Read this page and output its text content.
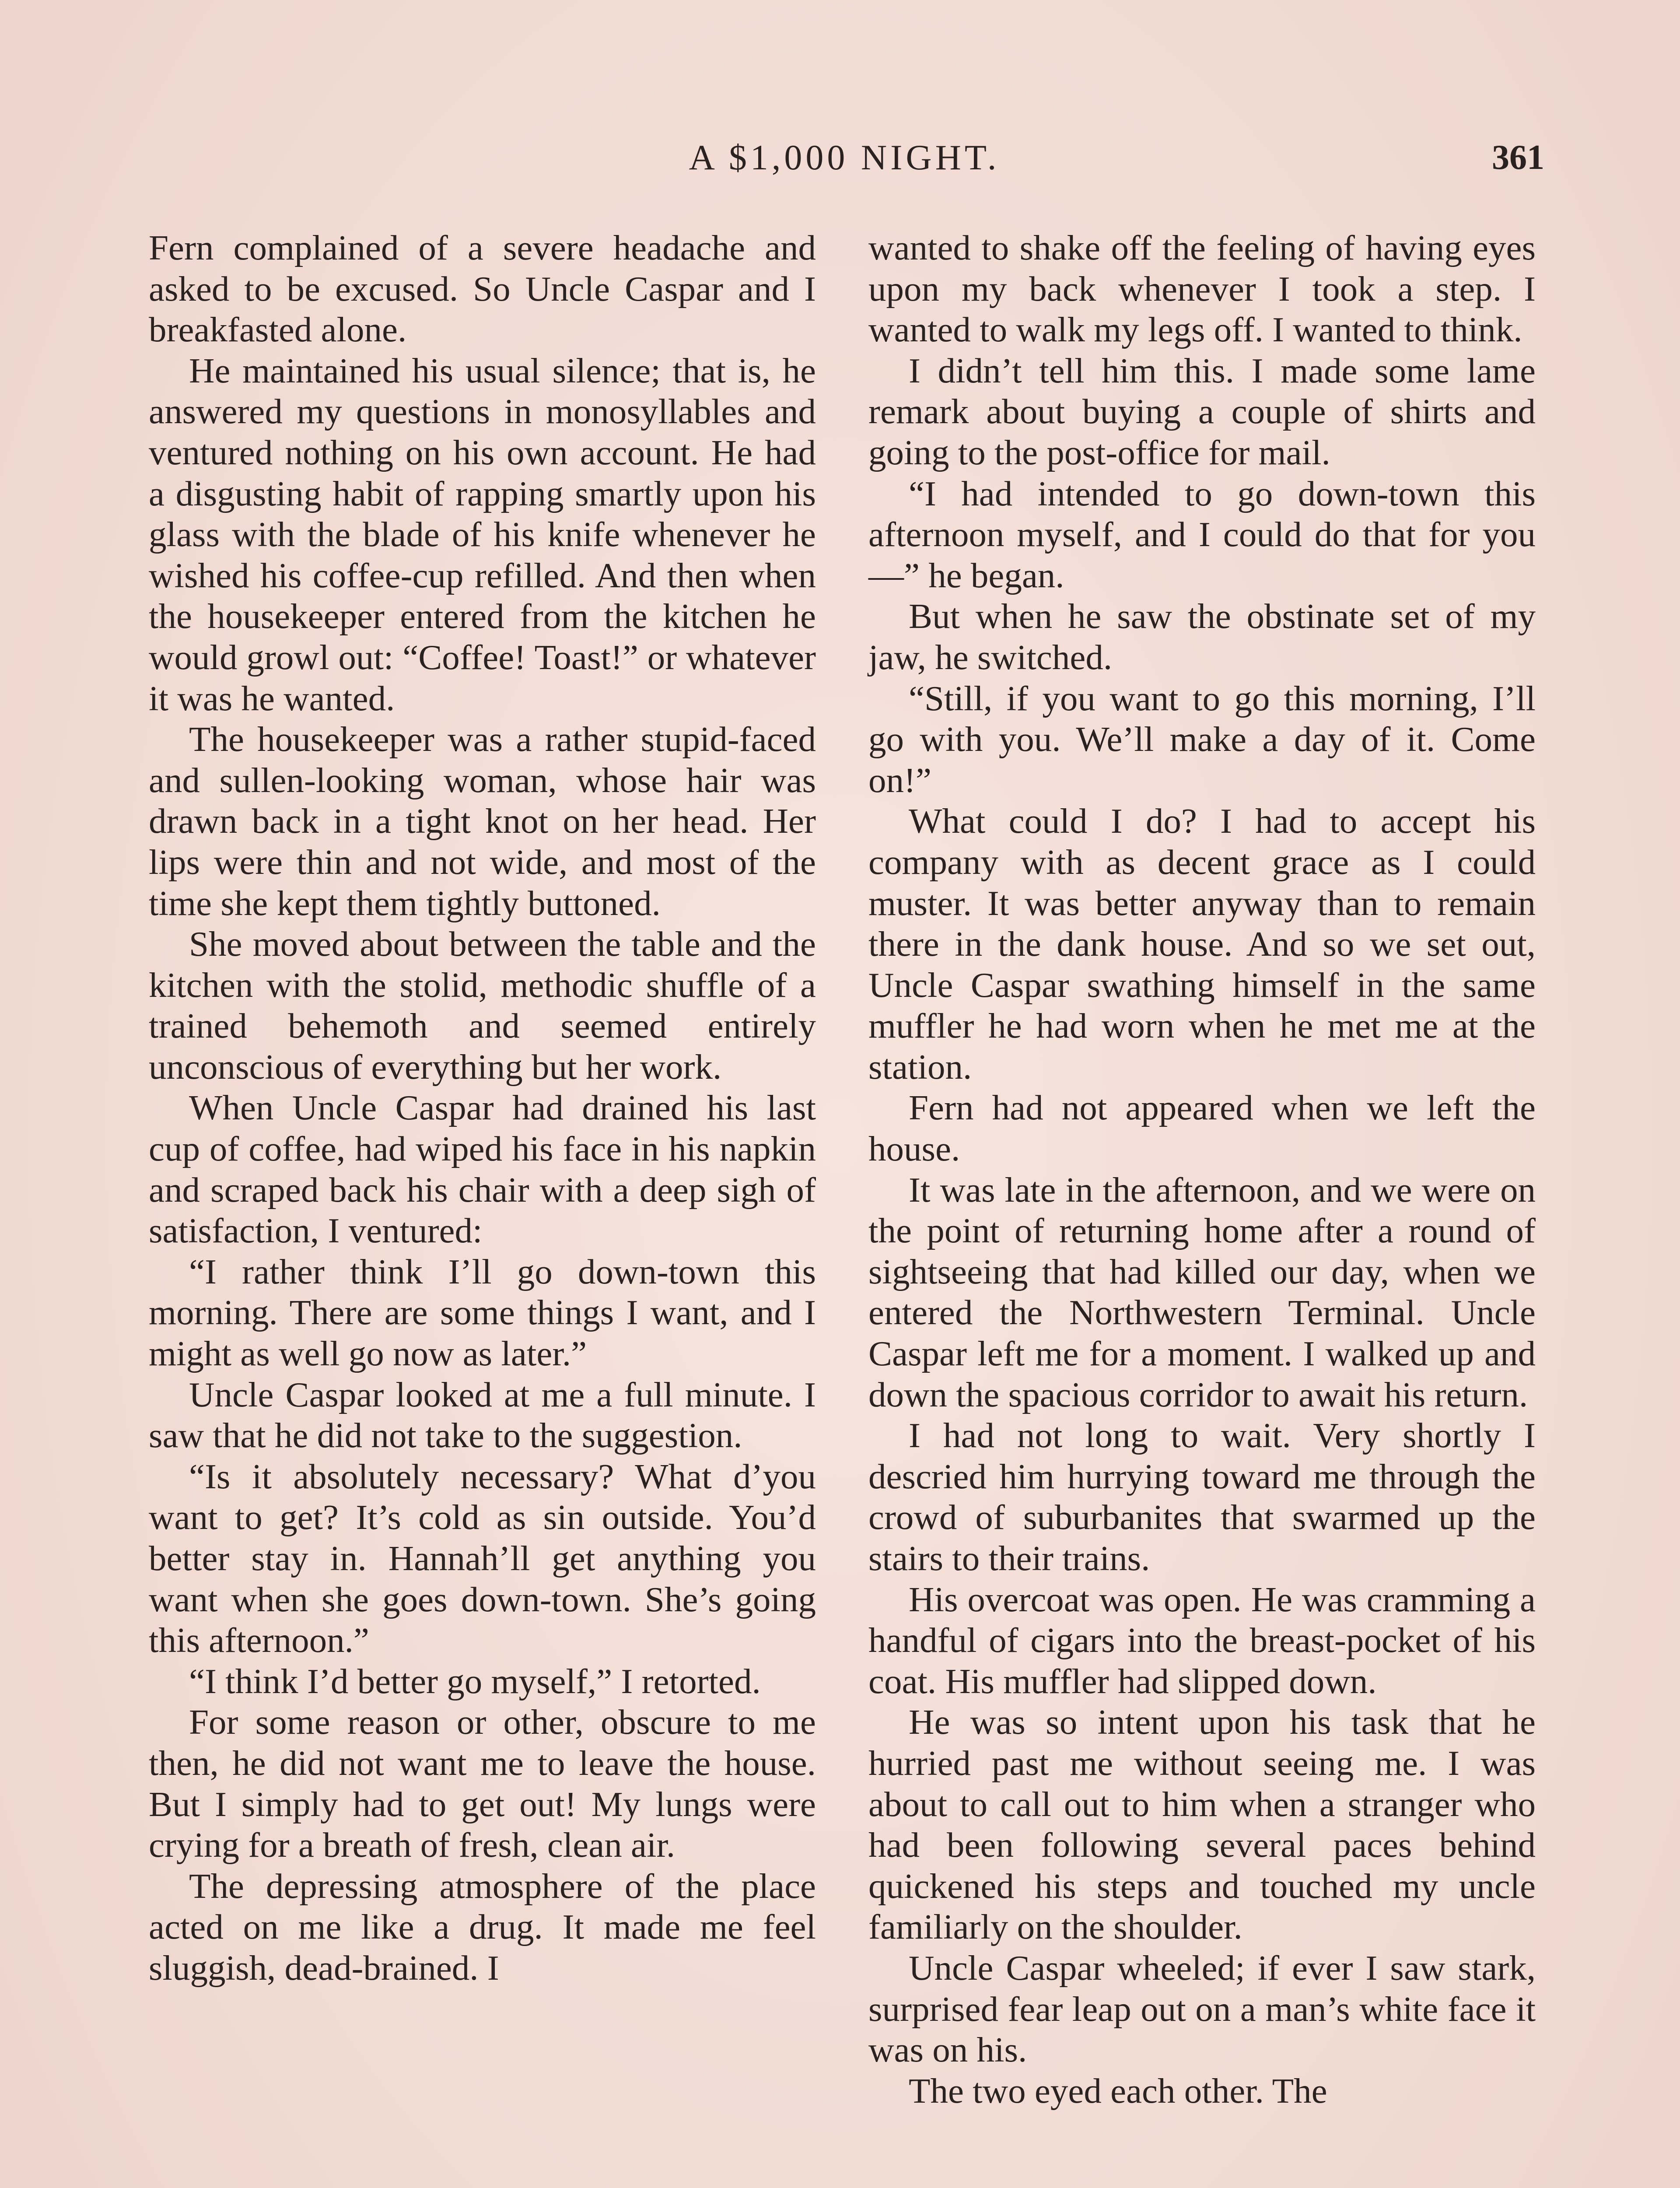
A $1,000 NIGHT.	361

Fern complained of a severe headache and asked to be excused. So Uncle Caspar and I breakfasted alone.

He maintained his usual silence; that is, he answered my questions in monosyllables and ventured nothing on his own account. He had a disgusting habit of rapping smartly upon his glass with the blade of his knife whenever he wished his coffee-cup refilled. And then when the housekeeper entered from the kitchen he would growl out: “Coffee! Toast!” or whatever it was he wanted.

The housekeeper was a rather stupid-faced and sullen-looking woman, whose hair was drawn back in a tight knot on her head. Her lips were thin and not wide, and most of the time she kept them tightly buttoned.

She moved about between the table and the kitchen with the stolid, methodic shuffle of a trained behemoth and seemed entirely unconscious of everything but her work.

When Uncle Caspar had drained his last cup of coffee, had wiped his face in his napkin and scraped back his chair with a deep sigh of satisfaction, I ventured:

“I rather think I’ll go down-town this morning. There are some things I want, and I might as well go now as later.”

Uncle Caspar looked at me a full minute. I saw that he did not take to the suggestion.

“Is it absolutely necessary? What d’you want to get? It’s cold as sin outside. You’d better stay in. Hannah’ll get anything you want when she goes down-town. She’s going this afternoon.”

“I think I’d better go myself,” I retorted.

For some reason or other, obscure to me then, he did not want me to leave the house. But I simply had to get out! My lungs were crying for a breath of fresh, clean air.

The depressing atmosphere of the place acted on me like a drug. It made me feel sluggish, dead-brained. I

wanted to shake off the feeling of having eyes upon my back whenever I took a step. I wanted to walk my legs off. I wanted to think.

I didn’t tell him this. I made some lame remark about buying a couple of shirts and going to the post-office for mail.

“I had intended to go down-town this afternoon myself, and I could do that for you—” he began.

But when he saw the obstinate set of my jaw, he switched.

“Still, if you want to go this morning, I’ll go with you. We’ll make a day of it. Come on!”

What could I do? I had to accept his company with as decent grace as I could muster. It was better anyway than to remain there in the dank house. And so we set out, Uncle Caspar swathing himself in the same muffler he had worn when he met me at the station.

Fern had not appeared when we left the house.

It was late in the afternoon, and we were on the point of returning home after a round of sightseeing that had killed our day, when we entered the Northwestern Terminal. Uncle Caspar left me for a moment. I walked up and down the spacious corridor to await his return.

I had not long to wait. Very shortly I descried him hurrying toward me through the crowd of suburbanites that swarmed up the stairs to their trains.

His overcoat was open. He was cramming a handful of cigars into the breast-pocket of his coat. His muffler had slipped down.

He was so intent upon his task that he hurried past me without seeing me. I was about to call out to him when a stranger who had been following several paces behind quickened his steps and touched my uncle familiarly on the shoulder.

Uncle Caspar wheeled; if ever I saw stark, surprised fear leap out on a man’s white face it was on his.

The two eyed each other. The
